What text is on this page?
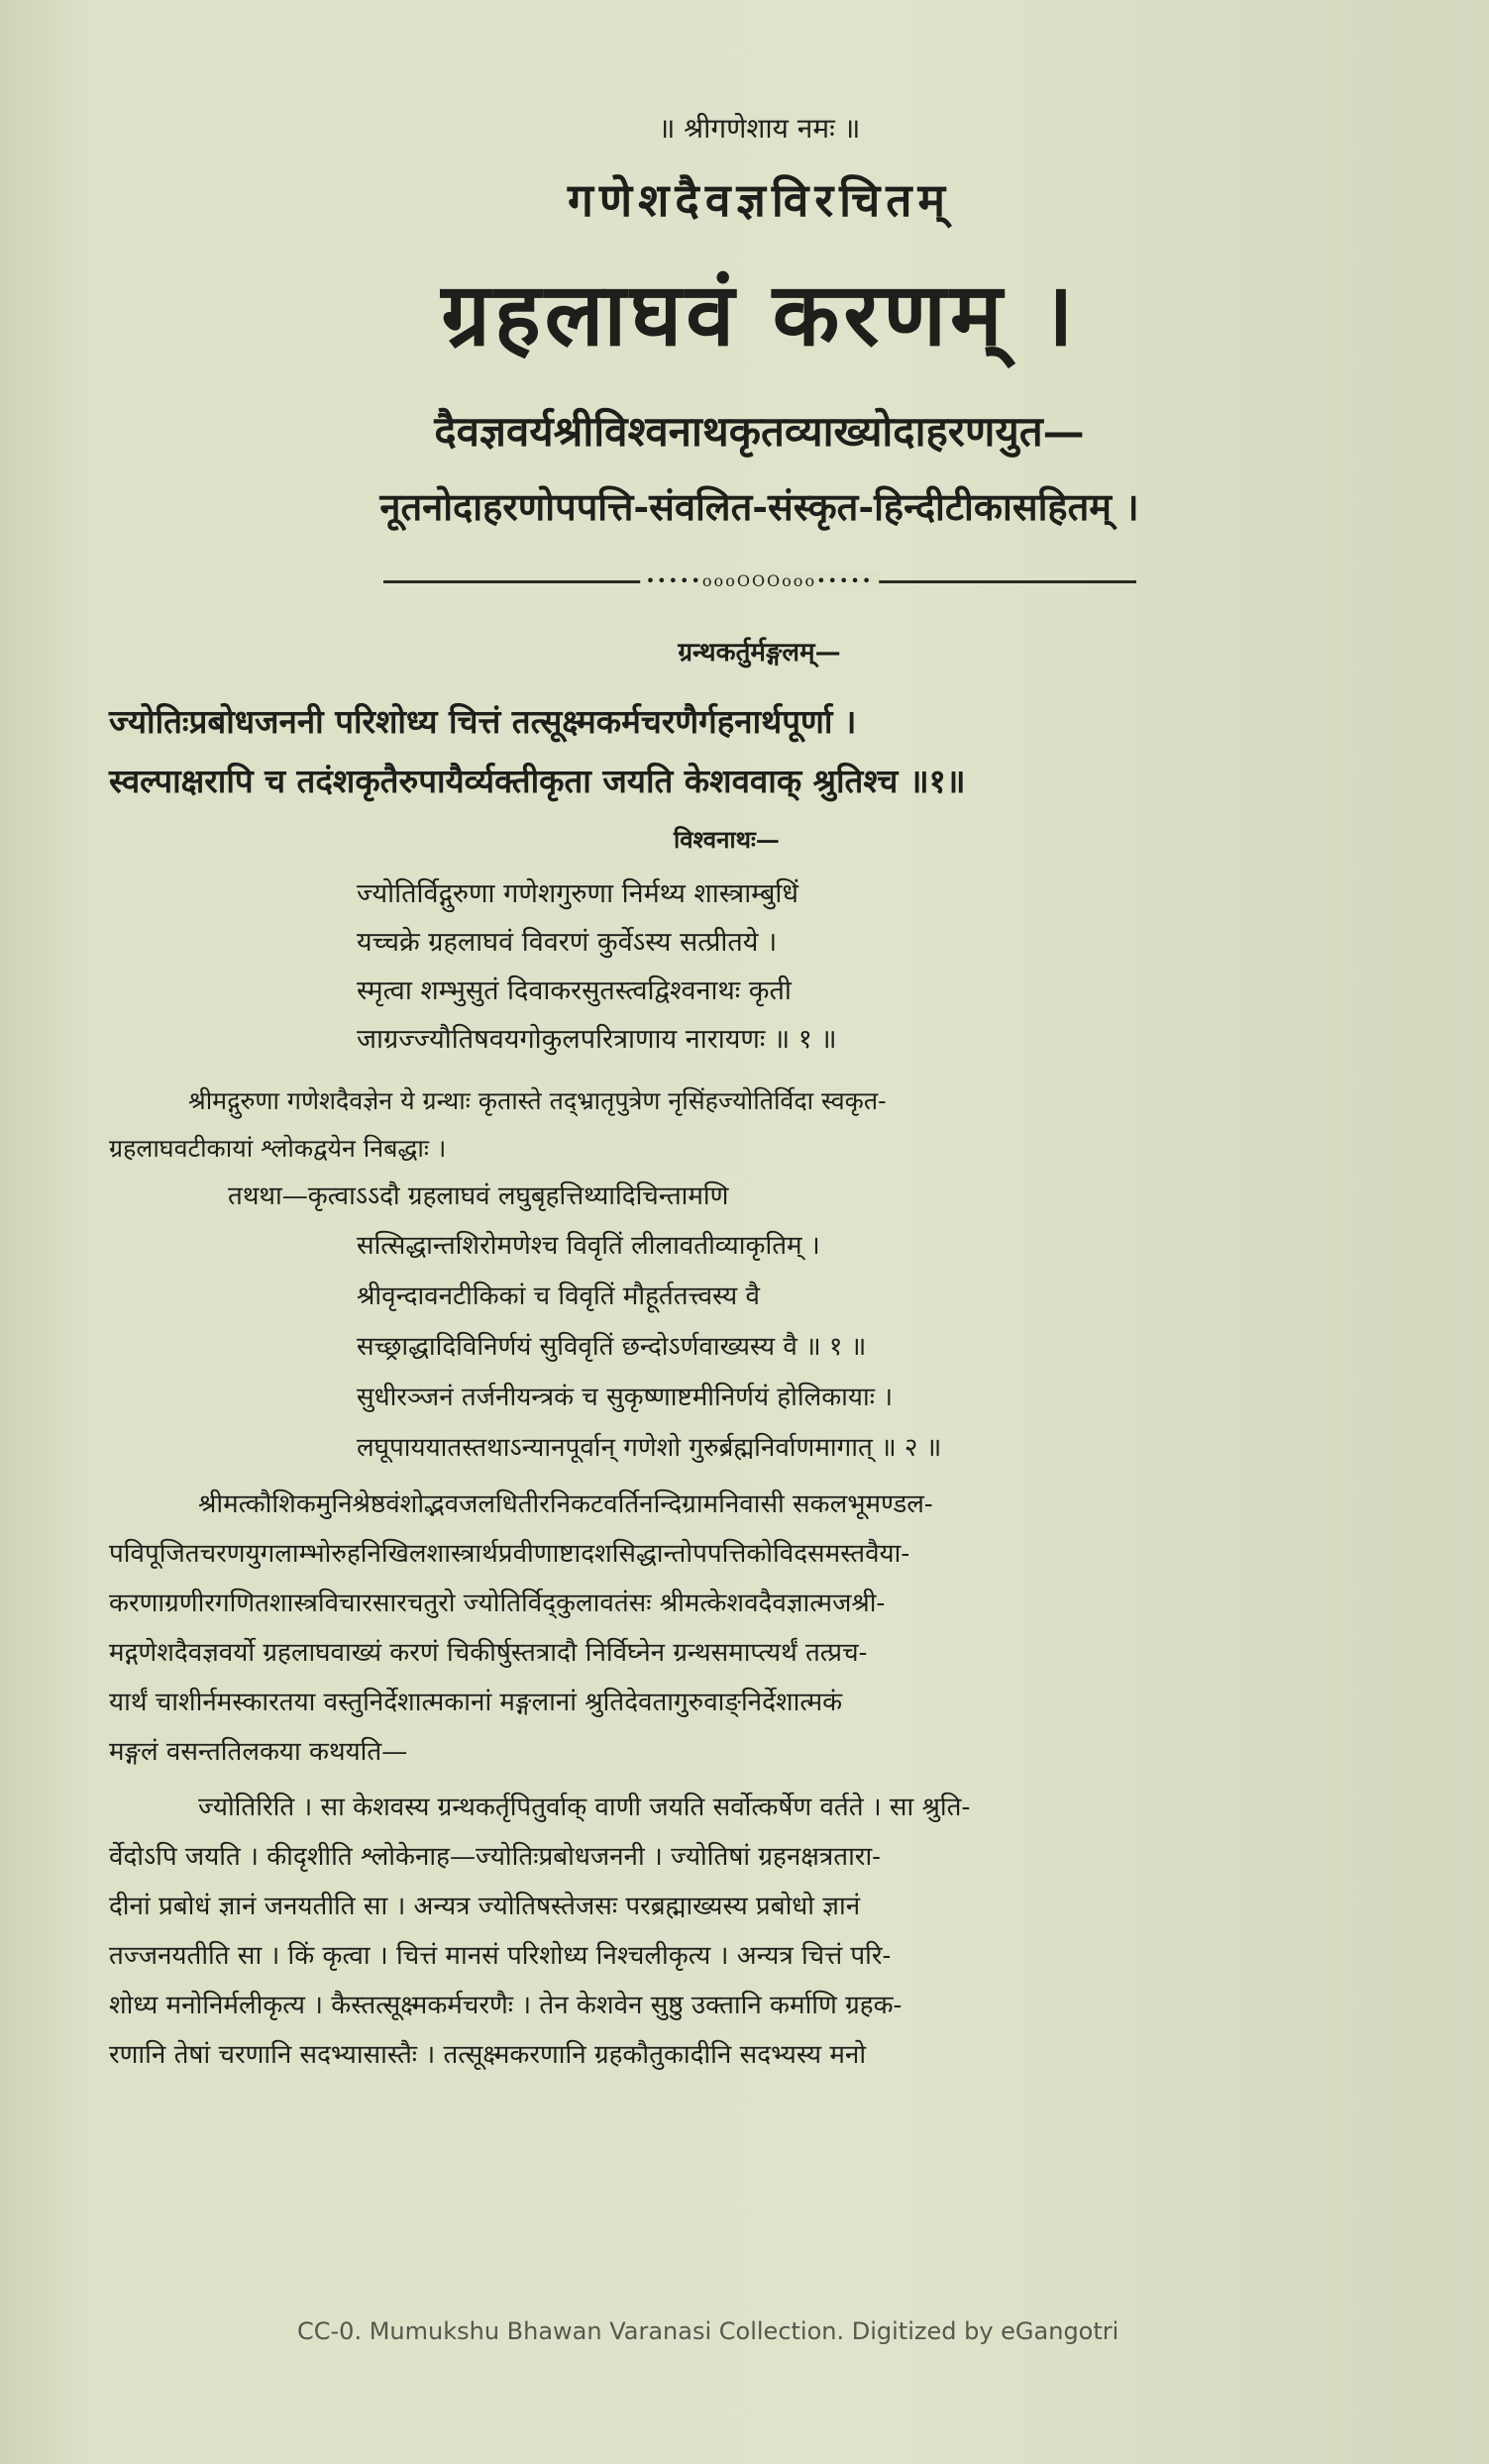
॥ श्रीगणेशाय नमः ॥
गणेशदैवज्ञविरचितम्
ग्रहलाघवं करणम् ।
दैवज्ञवर्यश्रीविश्वनाथकृतव्याख्योदाहरणयुत—
नूतनोदाहरणोपपत्ति-संवलित-संस्कृत-हिन्दीटीकासहितम् ।
•••••oooOOOooo•••••
ग्रन्थकर्तुर्मङ्गलम्—
ज्योतिःप्रबोधजननी परिशोध्य चित्तं तत्सूक्ष्मकर्मचरणैर्गहनार्थपूर्णा ।
स्वल्पाक्षरापि च तदंशकृतैरुपायैर्व्यक्तीकृता जयति केशववाक् श्रुतिश्च ॥१॥
विश्वनाथः—
ज्योतिर्विद्गुरुणा गणेशगुरुणा निर्मथ्य शास्त्राम्बुधिं
यच्चक्रे ग्रहलाघवं विवरणं कुर्वेऽस्य सत्प्रीतये ।
स्मृत्वा शम्भुसुतं दिवाकरसुतस्त्वद्विश्वनाथः कृती
जाग्रज्ज्यौतिषवयगोकुलपरित्राणाय नारायणः ॥ १ ॥
श्रीमद्गुरुणा गणेशदैवज्ञेन ये ग्रन्थाः कृतास्ते तद्भ्रातृपुत्रेण नृसिंहज्योतिर्विदा स्वकृत-
ग्रहलाघवटीकायां श्लोकद्वयेन निबद्धाः ।
तथथा—कृत्वाऽऽदौ ग्रहलाघवं लघुबृहत्तिथ्यादिचिन्तामणि
सत्सिद्धान्तशिरोमणेश्च विवृतिं लीलावतीव्याकृतिम् ।
श्रीवृन्दावनटीकिकां च विवृतिं मौहूर्ततत्त्वस्य वै
सच्छ्राद्धादिविनिर्णयं सुविवृतिं छन्दोऽर्णवाख्यस्य वै ॥ १ ॥
सुधीरञ्जनं तर्जनीयन्त्रकं च सुकृष्णाष्टमीनिर्णयं होलिकायाः ।
लघूपाययातस्तथाऽन्यानपूर्वान् गणेशो गुरुर्ब्रह्मनिर्वाणमागात् ॥ २ ॥
श्रीमत्कौशिकमुनिश्रेष्ठवंशोद्भवजलधितीरनिकटवर्तिनन्दिग्रामनिवासी सकलभूमण्डल-
पविपूजितचरणयुगलाम्भोरुहनिखिलशास्त्रार्थप्रवीणाष्टादशसिद्धान्तोपपत्तिकोविदसमस्तवैया-
करणाग्रणीरगणितशास्त्रविचारसारचतुरो ज्योतिर्विद्कुलावतंसः श्रीमत्केशवदैवज्ञात्मजश्री-
मद्गणेशदैवज्ञवर्यो ग्रहलाघवाख्यं करणं चिकीर्षुस्तत्रादौ निर्विघ्नेन ग्रन्थसमाप्त्यर्थं तत्प्रच-
यार्थं चाशीर्नमस्कारतया वस्तुनिर्देशात्मकानां मङ्गलानां श्रुतिदेवतागुरुवाङ्निर्देशात्मकं
मङ्गलं वसन्ततिलकया कथयति—
ज्योतिरिति । सा केशवस्य ग्रन्थकर्तृपितुर्वाक् वाणी जयति सर्वोत्कर्षेण वर्तते । सा श्रुति-
र्वेदोऽपि जयति । कीदृशीति श्लोकेनाह—ज्योतिःप्रबोधजननी । ज्योतिषां ग्रहनक्षत्रतारा-
दीनां प्रबोधं ज्ञानं जनयतीति सा । अन्यत्र ज्योतिषस्तेजसः परब्रह्माख्यस्य प्रबोधो ज्ञानं
तज्जनयतीति सा । किं कृत्वा । चित्तं मानसं परिशोध्य निश्चलीकृत्य । अन्यत्र चित्तं परि-
शोध्य मनोनिर्मलीकृत्य । कैस्तत्सूक्ष्मकर्मचरणैः । तेन केशवेन सुष्ठु उक्तानि कर्माणि ग्रहक-
रणानि तेषां चरणानि सदभ्यासास्तैः । तत्सूक्ष्मकरणानि ग्रहकौतुकादीनि सदभ्यस्य मनो
CC-0. Mumukshu Bhawan Varanasi Collection. Digitized by eGangotri
